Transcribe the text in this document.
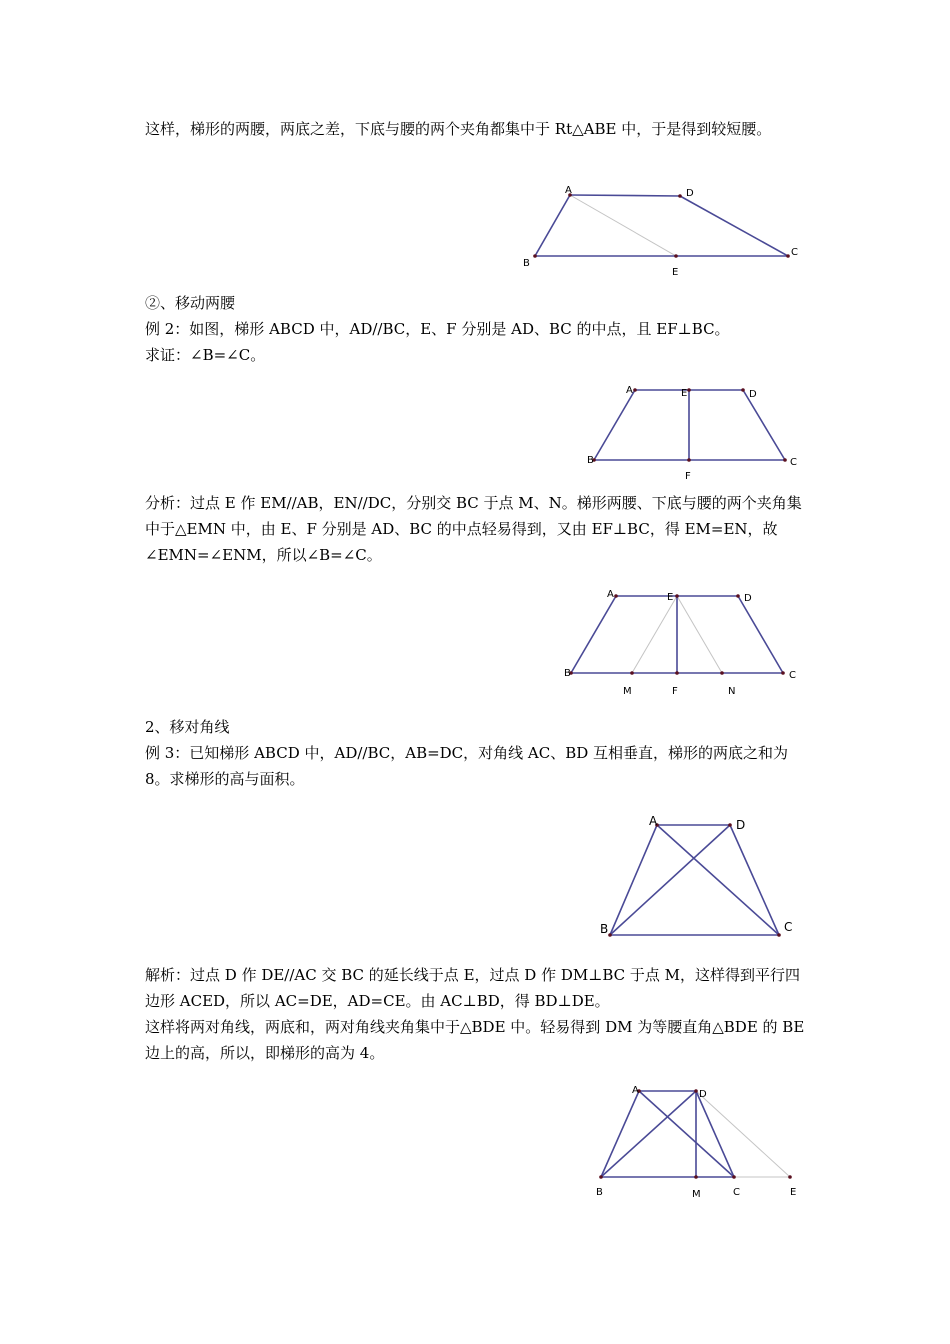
这样，梯形的两腰，两底之差，下底与腰的两个夹角都集中于 Rt△ABE 中，于是得到较短腰。

A	D
B
E
C

②、移动两腰

例 2：如图，梯形 ABCD 中，AD//BC，E、F 分别是 AD、BC 的中点，且 EF⊥BC。

求证：∠B=∠C。

A	E	D
B
F
C

分析：过点 E 作 EM//AB，EN//DC，分别交 BC 于点 M、N。梯形两腰、下底与腰的两个夹角集中于△EMN 中，由 E、F 分别是 AD、BC 的中点轻易得到，又由 EF⊥BC，得 EM=EN，故∠EMN=∠ENM，所以∠B=∠C。

A	E	D
B
M	F	N
C

2、移对角线

例 3：已知梯形 ABCD 中，AD//BC，AB=DC，对角线 AC、BD 互相垂直，梯形的两底之和为 8。求梯形的高与面积。

A	D
B	C

解析：过点 D 作 DE//AC 交 BC 的延长线于点 E，过点 D 作 DM⊥BC 于点 M，这样得到平行四边形 ACED，所以 AC=DE，AD=CE。由 AC⊥BD，得 BD⊥DE。

这样将两对角线，两底和，两对角线夹角集中于△BDE 中。轻易得到 DM 为等腰直角△BDE 的 BE 边上的高，所以，即梯形的高为 4。

A	D
B	M	C	E
